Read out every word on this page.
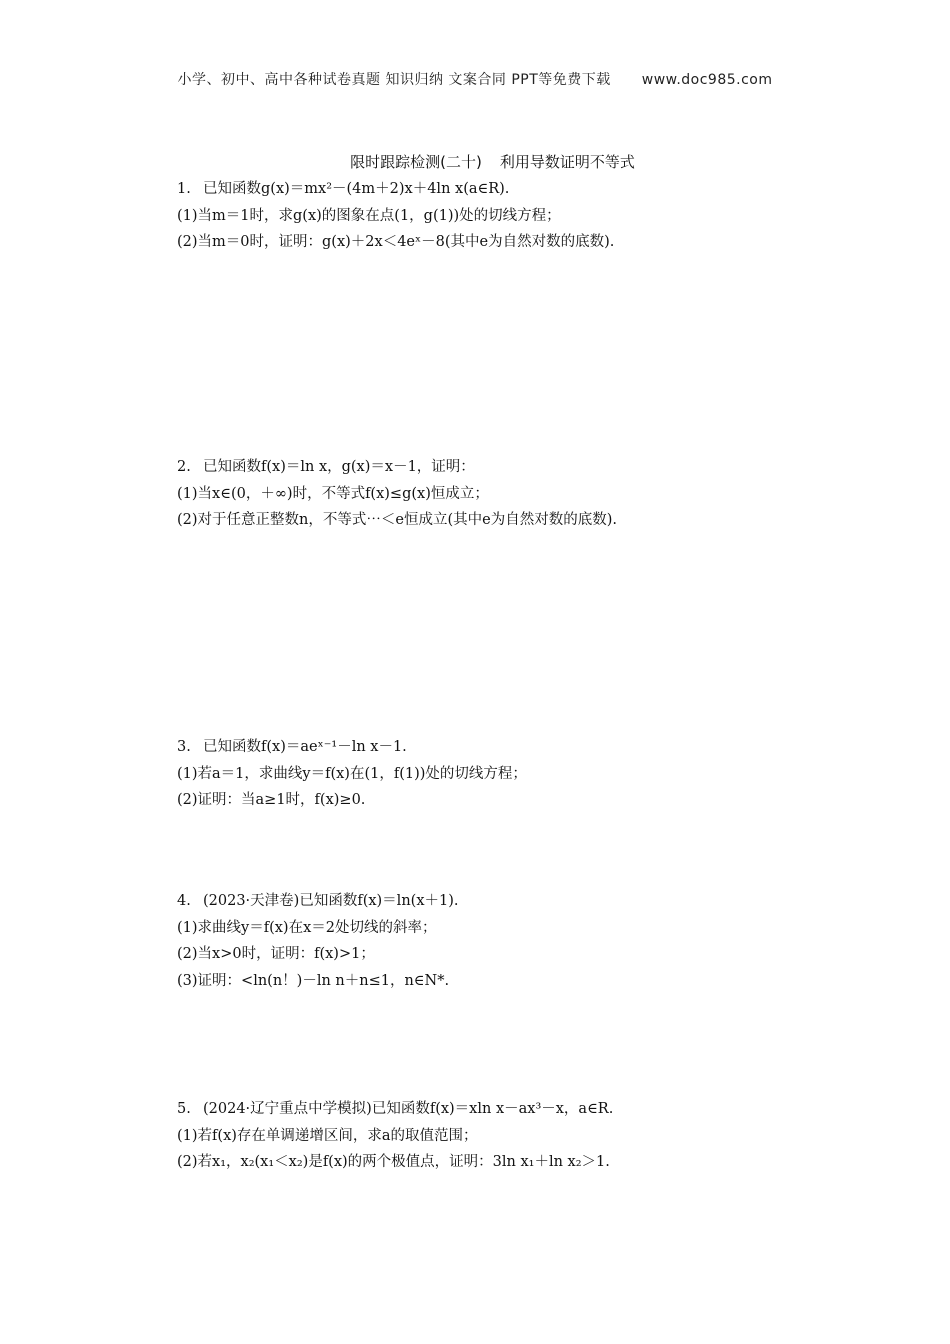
小学、初中、高中各种试卷真题 知识归纳 文案合同 PPT等免费下载 www.doc985.com
限时跟踪检测(二十) 利用导数证明不等式
1. 已知函数g(x)＝mx²－(4m＋2)x＋4ln x(a∈R).
(1)当m＝1时，求g(x)的图象在点(1，g(1))处的切线方程；
(2)当m＝0时，证明：g(x)＋2x＜4eˣ－8(其中e为自然对数的底数).
2. 已知函数f(x)＝ln x，g(x)＝x－1，证明：
(1)当x∈(0，＋∞)时，不等式f(x)≤g(x)恒成立；
(2)对于任意正整数n，不等式⋯＜e恒成立(其中e为自然对数的底数).
3. 已知函数f(x)＝aeˣ⁻¹－ln x－1.
(1)若a＝1，求曲线y＝f(x)在(1，f(1))处的切线方程；
(2)证明：当a≥1时，f(x)≥0.
4. (2023·天津卷)已知函数f(x)＝ln(x＋1).
(1)求曲线y＝f(x)在x＝2处切线的斜率；
(2)当x>0时，证明：f(x)>1；
(3)证明：<ln(n！)－ln n＋n≤1，n∈N*.
5. (2024·辽宁重点中学模拟)已知函数f(x)＝xln x－ax³－x，a∈R.
(1)若f(x)存在单调递增区间，求a的取值范围；
(2)若x₁，x₂(x₁＜x₂)是f(x)的两个极值点，证明：3ln x₁＋ln x₂＞1.
